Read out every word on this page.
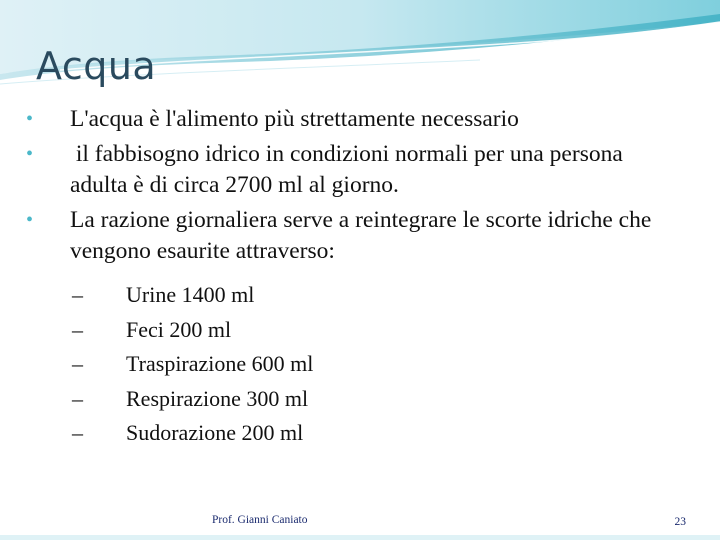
Acqua
• L'acqua è l'alimento più strettamente necessario
• il fabbisogno idrico in condizioni normali per una persona adulta è di circa 2700 ml al giorno.
• La razione giornaliera serve a reintegrare le scorte idriche che vengono esaurite attraverso:
– Urine 1400 ml
– Feci 200 ml
– Traspirazione 600 ml
– Respirazione 300 ml
– Sudorazione 200 ml
Prof. Gianni Caniato	23
